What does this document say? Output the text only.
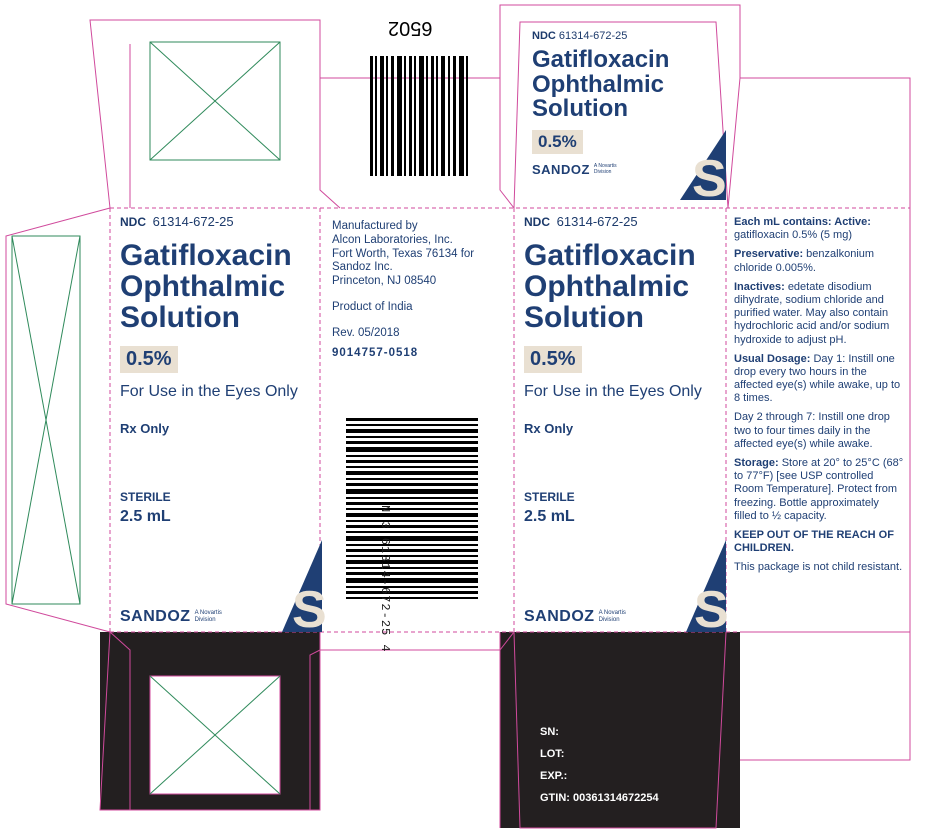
S	S
S
6502
N 3 61314-672-25 4
NDC 61314-672-25
Gatifloxacin
Ophthalmic
Solution
0.5%
For Use in the Eyes Only
Rx Only
STERILE
2.5 mL
SANDOZ A Novartis
Division
Manufactured by
Alcon Laboratories, Inc.
Fort Worth, Texas 76134 for
Sandoz Inc.
Princeton, NJ 08540
Product of India
Rev. 05/2018
9014757-0518
NDC 61314-672-25
Gatifloxacin
Ophthalmic
Solution
0.5%
For Use in the Eyes Only
Rx Only
STERILE
2.5 mL
SANDOZ A Novartis
Division
NDC 61314-672-25
Gatifloxacin
Ophthalmic
Solution
0.5%
SANDOZ A Novartis
Division

Each mL contains: Active: gatifloxacin 0.5% (5 mg)

Preservative: benzalkonium chloride 0.005%.

Inactives: edetate disodium dihydrate, sodium chloride and purified water. May also contain hydrochloric acid and/or sodium hydroxide to adjust pH.

Usual Dosage: Day 1: Instill one drop every two hours in the affected eye(s) while awake, up to 8 times.

Day 2 through 7: Instill one drop two to four times daily in the affected eye(s) while awake.

Storage: Store at 20° to 25°C (68° to 77°F) [see USP controlled Room Temperature]. Protect from freezing. Bottle approximately filled to ½ capacity.

KEEP OUT OF THE REACH OF CHILDREN.

This package is not child resistant.

SN:
LOT:
EXP.:
GTIN: 00361314672254
